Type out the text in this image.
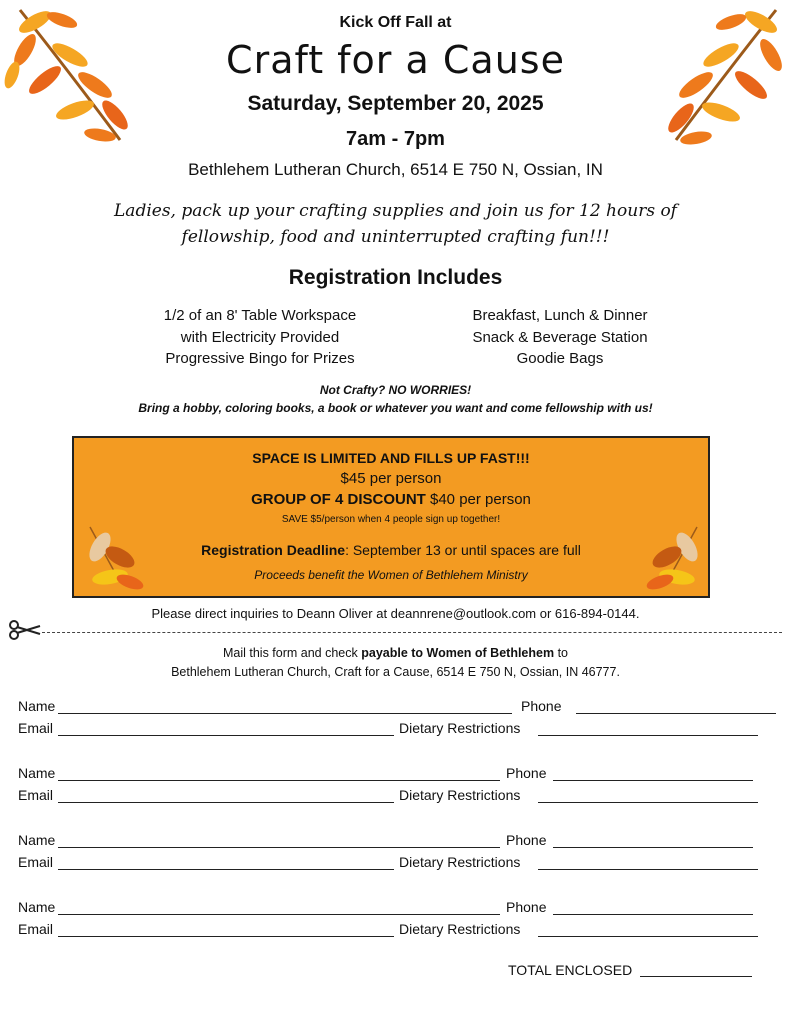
Kick Off Fall at
Craft for a Cause
Saturday, September 20, 2025
7am - 7pm
Bethlehem Lutheran Church, 6514 E 750 N, Ossian, IN
Ladies, pack up your crafting supplies and join us for 12 hours of
fellowship, food and uninterrupted crafting fun!!!
Registration Includes
1/2 of an 8' Table Workspace
with Electricity Provided
Progressive Bingo for Prizes
Breakfast, Lunch & Dinner
Snack & Beverage Station
Goodie Bags
Not Crafty? NO WORRIES!
Bring a hobby, coloring books, a book or whatever you want and come fellowship with us!
SPACE IS LIMITED AND FILLS UP FAST!!!
$45 per person
GROUP OF 4 DISCOUNT $40 per person
SAVE $5/person when 4 people sign up together!
Registration Deadline: September 13 or until spaces are full
Proceeds benefit the Women of Bethlehem Ministry
Please direct inquiries to Deann Oliver at deannrene@outlook.com or 616-894-0144.
Mail this form and check payable to Women of Bethlehem to
Bethlehem Lutheran Church, Craft for a Cause, 6514 E 750 N, Ossian, IN 46777.
Name	Phone
Email	Dietary Restrictions
Name	Phone
Email	Dietary Restrictions
Name	Phone
Email	Dietary Restrictions
Name	Phone
Email	Dietary Restrictions
TOTAL ENCLOSED
